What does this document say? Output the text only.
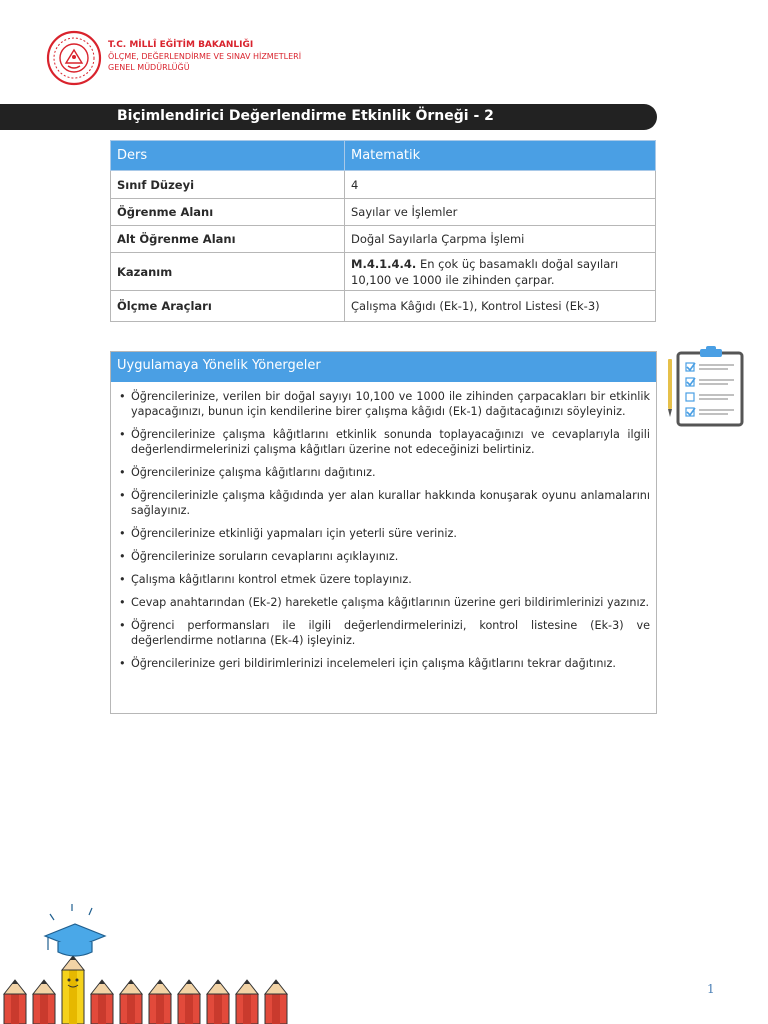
T.C. MİLLÎ EĞİTİM BAKANLIĞI
ÖLÇME, DEĞERLENDİRME VE SINAV HİZMETLERİ
GENEL MÜDÜRLÜĞÜ
Biçimlendirici Değerlendirme Etkinlik Örneği - 2
Ders	Matematik
Sınıf Düzeyi	4
Öğrenme Alanı	Sayılar ve İşlemler
Alt Öğrenme Alanı	Doğal Sayılarla Çarpma İşlemi
Kazanım	M.4.1.4.4. En çok üç basamaklı doğal sayıları 10,100 ve 1000 ile zihinden çarpar.
Ölçme Araçları	Çalışma Kâğıdı (Ek-1), Kontrol Listesi (Ek-3)
Uygulamaya Yönelik Yönergeler
• Öğrencilerinize, verilen bir doğal sayıyı 10,100 ve 1000 ile zihinden çarpacakları bir etkinlik yapacağınızı, bunun için kendilerine birer çalışma kâğıdı (Ek-1) dağıtacağınızı söyleyiniz.
• Öğrencilerinize çalışma kâğıtlarını etkinlik sonunda toplayacağınızı ve cevaplarıyla ilgili değerlendirmelerinizi çalışma kâğıtları üzerine not edeceğinizi belirtiniz.
• Öğrencilerinize çalışma kâğıtlarını dağıtınız.
• Öğrencilerinizle çalışma kâğıdında yer alan kurallar hakkında konuşarak oyunu anlamalarını sağlayınız.
• Öğrencilerinize etkinliği yapmaları için yeterli süre veriniz.
• Öğrencilerinize soruların cevaplarını açıklayınız.
• Çalışma kâğıtlarını kontrol etmek üzere toplayınız.
• Cevap anahtarından (Ek-2) hareketle çalışma kâğıtlarının üzerine geri bildirimlerinizi yazınız.
• Öğrenci performansları ile ilgili değerlendirmelerinizi, kontrol listesine (Ek-3) ve değerlendirme notlarına (Ek-4) işleyiniz.
• Öğrencilerinize geri bildirimlerinizi incelemeleri için çalışma kâğıtlarını tekrar dağıtınız.
1
